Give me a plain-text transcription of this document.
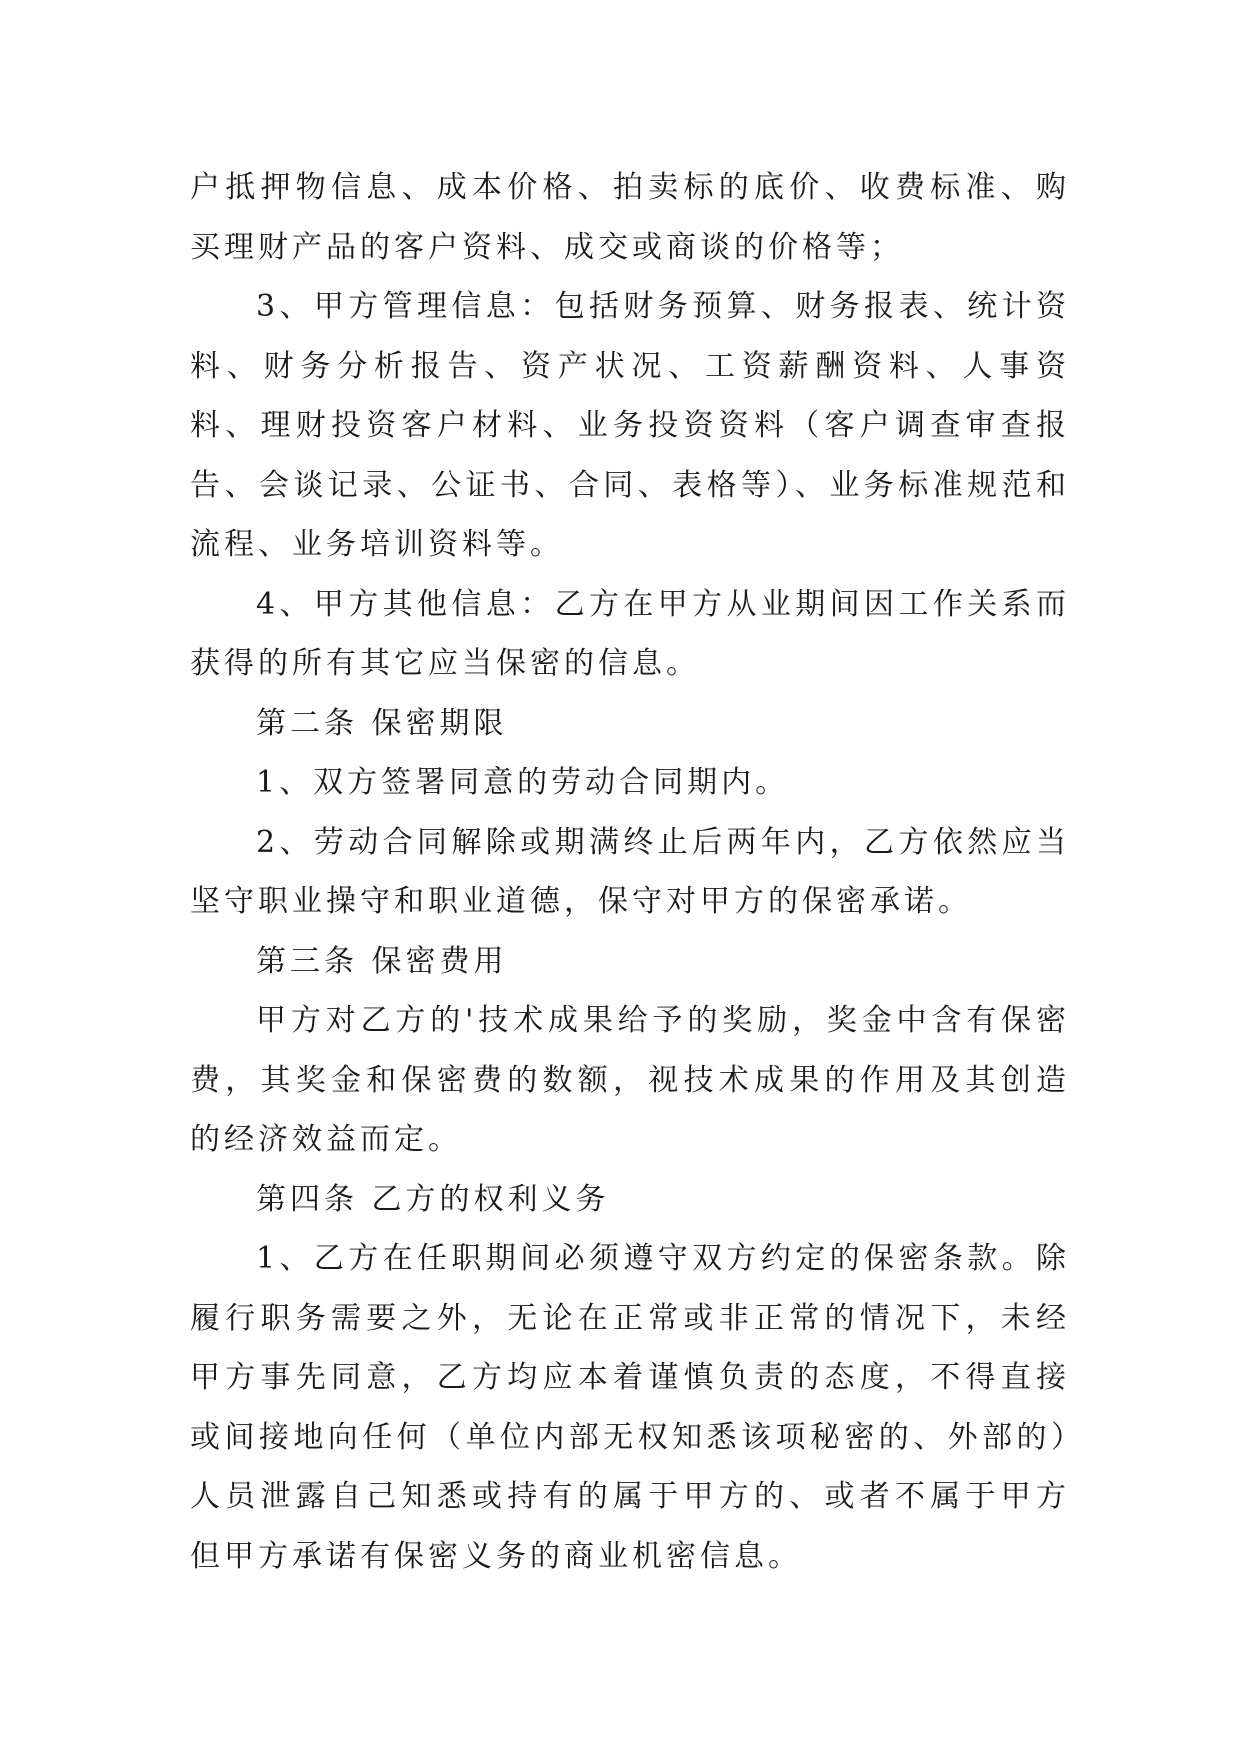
户抵押物信息、成本价格、拍卖标的底价、收费标准、购买理财产品的客户资料、成交或商谈的价格等；

3、甲方管理信息：包括财务预算、财务报表、统计资料、财务分析报告、资产状况、工资薪酬资料、人事资料、理财投资客户材料、业务投资资料（客户调查审查报告、会谈记录、公证书、合同、表格等）、业务标准规范和流程、业务培训资料等。

4、甲方其他信息：乙方在甲方从业期间因工作关系而获得的所有其它应当保密的信息。

第二条 保密期限

1、双方签署同意的劳动合同期内。

2、劳动合同解除或期满终止后两年内，乙方依然应当坚守职业操守和职业道德，保守对甲方的保密承诺。

第三条 保密费用

甲方对乙方的'技术成果给予的奖励，奖金中含有保密费，其奖金和保密费的数额，视技术成果的作用及其创造的经济效益而定。

第四条 乙方的权利义务

1、乙方在任职期间必须遵守双方约定的保密条款。除履行职务需要之外，无论在正常或非正常的情况下，未经甲方事先同意，乙方均应本着谨慎负责的态度，不得直接或间接地向任何（单位内部无权知悉该项秘密的、外部的）人员泄露自己知悉或持有的属于甲方的、或者不属于甲方但甲方承诺有保密义务的商业机密信息。
